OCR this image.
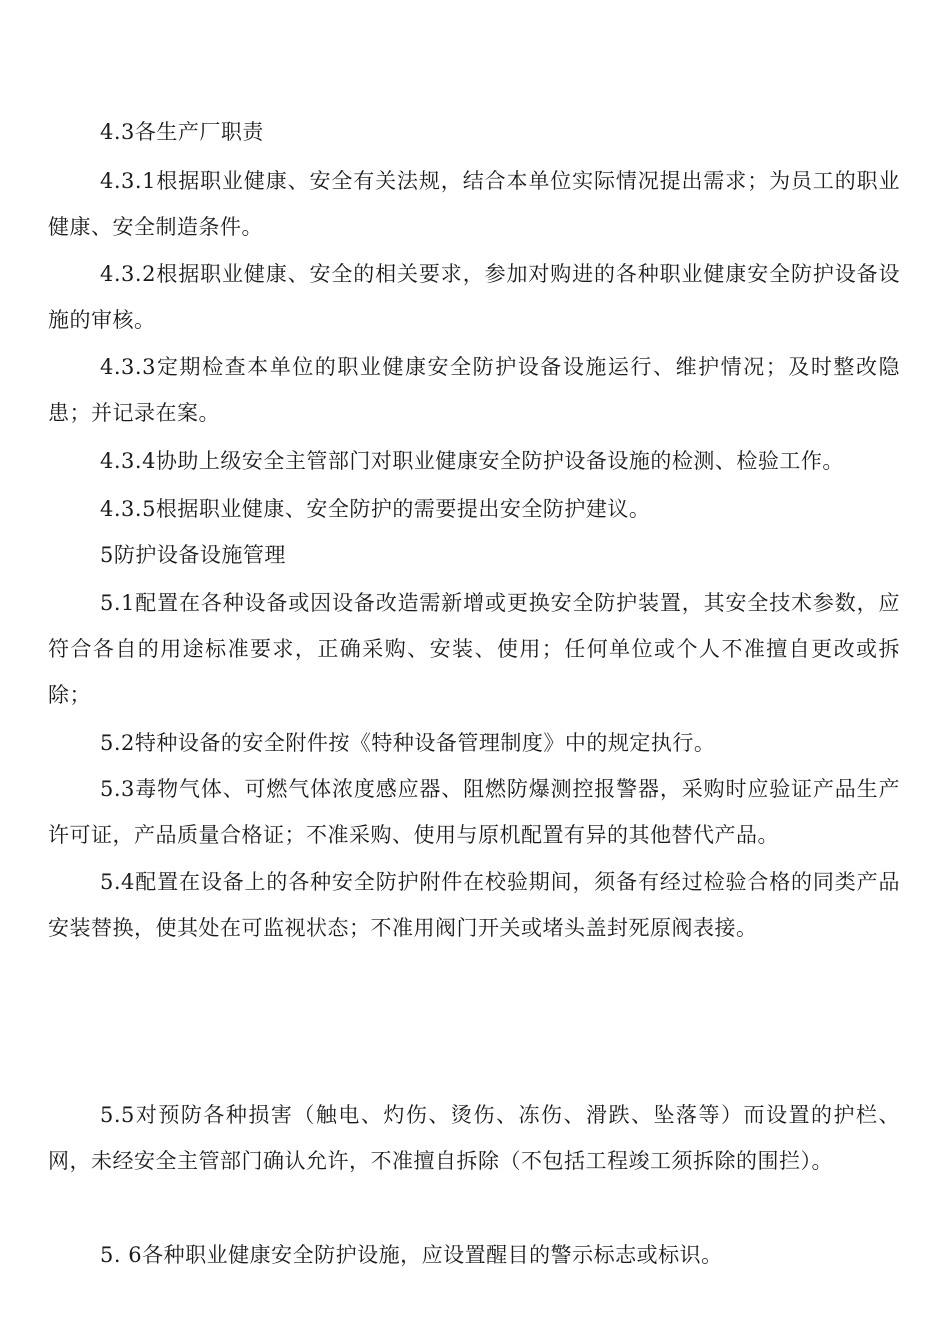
4.3各生产厂职责

4.3.1根据职业健康、安全有关法规，结合本单位实际情况提出需求；为员工的职业健康、安全制造条件。

4.3.2根据职业健康、安全的相关要求，参加对购进的各种职业健康安全防护设备设施的审核。

4.3.3定期检查本单位的职业健康安全防护设备设施运行、维护情况；及时整改隐患；并记录在案。

4.3.4协助上级安全主管部门对职业健康安全防护设备设施的检测、检验工作。

4.3.5根据职业健康、安全防护的需要提出安全防护建议。

5防护设备设施管理

5.1配置在各种设备或因设备改造需新增或更换安全防护装置，其安全技术参数，应符合各自的用途标准要求，正确采购、安装、使用；任何单位或个人不准擅自更改或拆除；

5.2特种设备的安全附件按《特种设备管理制度》中的规定执行。

5.3毒物气体、可燃气体浓度感应器、阻燃防爆测控报警器，采购时应验证产品生产许可证，产品质量合格证；不准采购、使用与原机配置有异的其他替代产品。

5.4配置在设备上的各种安全防护附件在校验期间，须备有经过检验合格的同类产品安装替换，使其处在可监视状态；不准用阀门开关或堵头盖封死原阀表接。

5.5对预防各种损害（触电、灼伤、烫伤、冻伤、滑跌、坠落等）而设置的护栏、网，未经安全主管部门确认允许，不准擅自拆除（不包括工程竣工须拆除的围拦）。

5. 6各种职业健康安全防护设施，应设置醒目的警示标志或标识。
